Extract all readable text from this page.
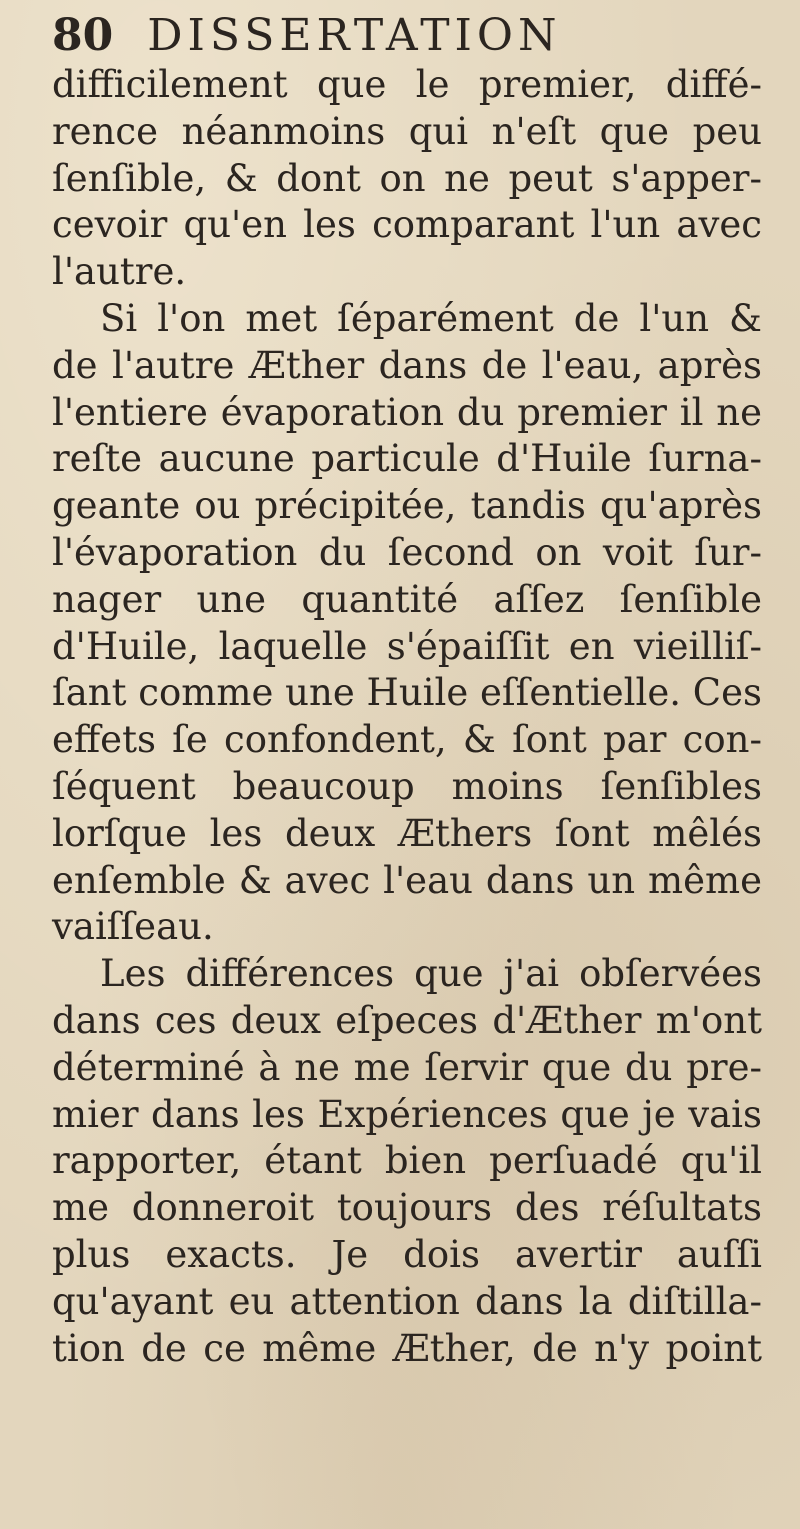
80 DISSERTATION
difficilement que le premier, diffé-
rence néanmoins qui n'eſt que peu
ſenſible, & dont on ne peut s'apper-
cevoir qu'en les comparant l'un avec
l'autre.
Si l'on met ſéparément de l'un &
de l'autre Æther dans de l'eau, après
l'entiere évaporation du premier il ne
reſte aucune particule d'Huile ſurna-
geante ou précipitée, tandis qu'après
l'évaporation du ſecond on voit ſur-
nager une quantité aſſez ſenſible
d'Huile, laquelle s'épaiſſit en vieilliſ-
ſant comme une Huile eſſentielle. Ces
effets ſe confondent, & ſont par con-
ſéquent beaucoup moins ſenſibles
lorſque les deux Æthers ſont mêlés
enſemble & avec l'eau dans un même
vaiſſeau.
Les différences que j'ai obſervées
dans ces deux eſpeces d'Æther m'ont
déterminé à ne me ſervir que du pre-
mier dans les Expériences que je vais
rapporter, étant bien perſuadé qu'il
me donneroit toujours des réſultats
plus exacts. Je dois avertir auſſi
qu'ayant eu attention dans la diſtilla-
tion de ce même Æther, de n'y point
